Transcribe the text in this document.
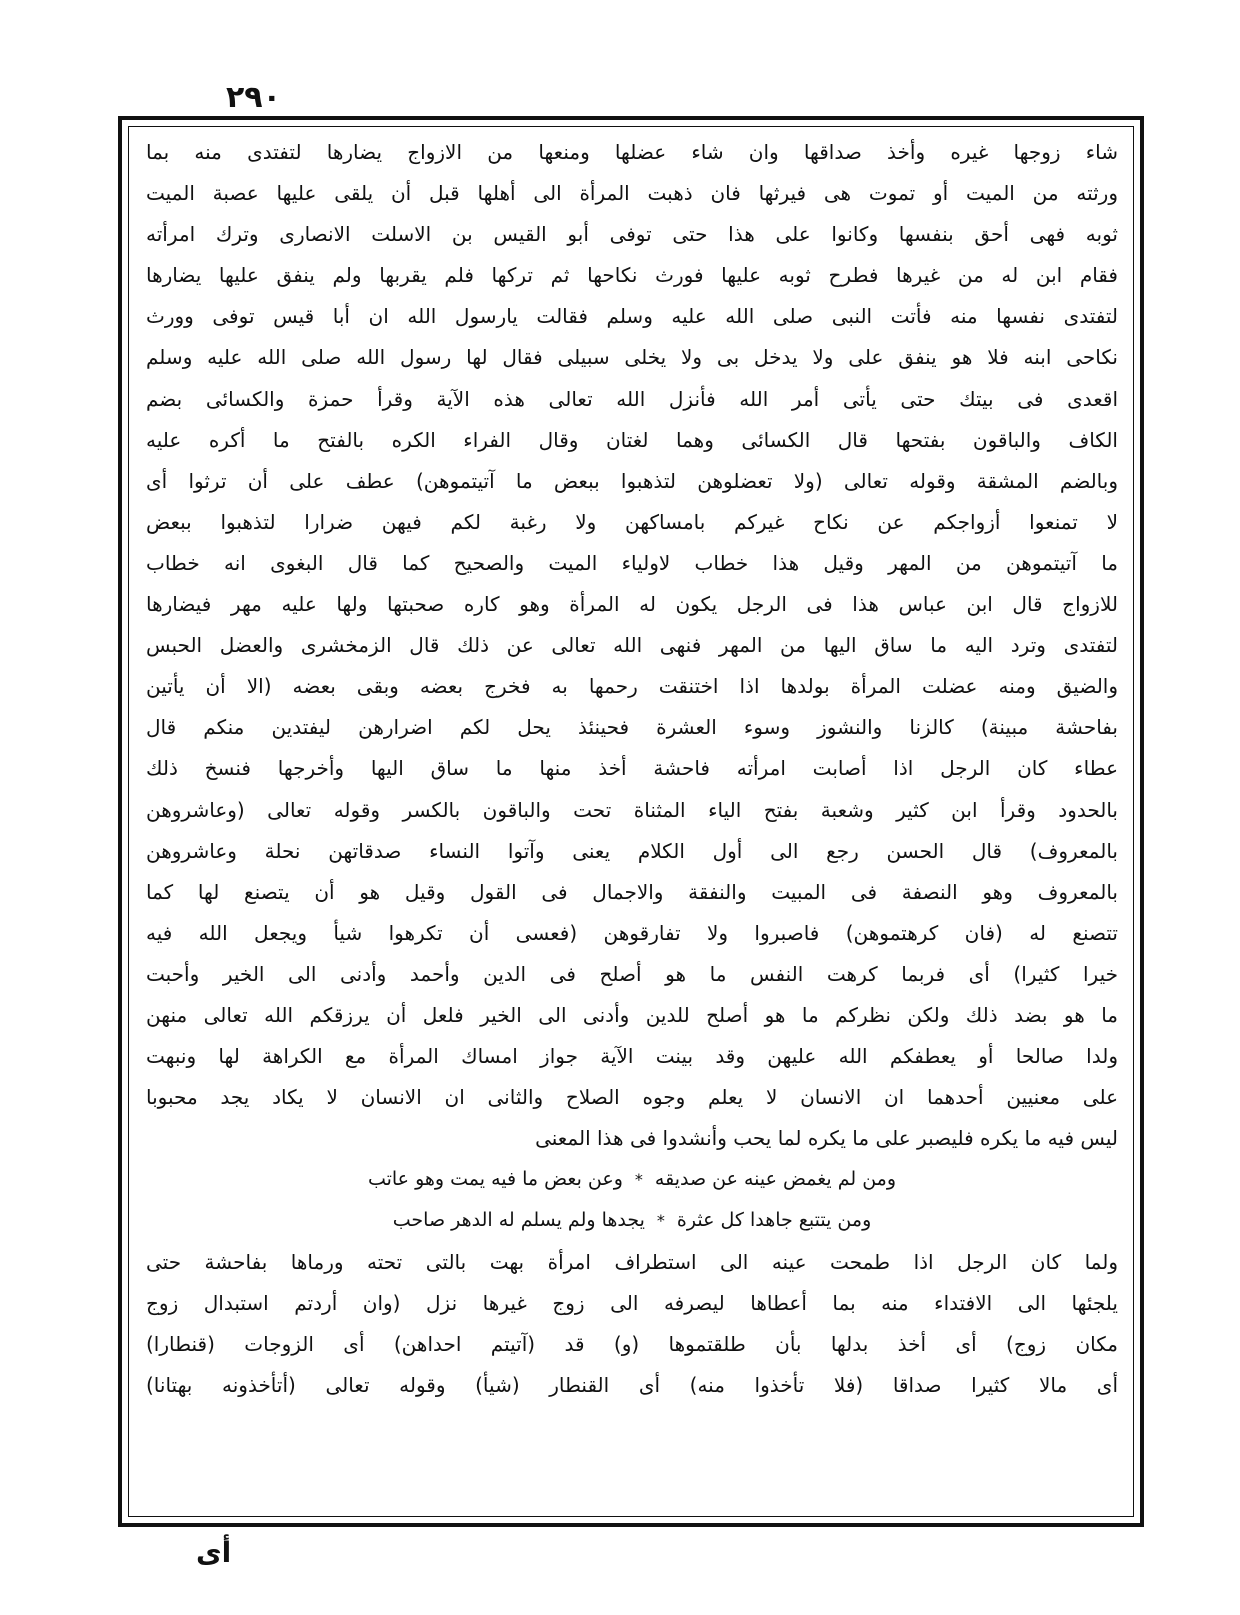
٢٩٠
شاء زوجها غيره وأخذ صداقها وان شاء عضلها ومنعها من الازواج يضارها لتفتدى منه بما
ورثته من الميت أو تموت هى فيرثها فان ذهبت المرأة الى أهلها قبل أن يلقى عليها عصبة الميت
ثوبه فهى أحق بنفسها وكانوا على هذا حتى توفى أبو القيس بن الاسلت الانصارى وترك امرأته
فقام ابن له من غيرها فطرح ثوبه عليها فورث نكاحها ثم تركها فلم يقربها ولم ينفق عليها يضارها
لتفتدى نفسها منه فأتت النبى صلى الله عليه وسلم فقالت يارسول الله ان أبا قيس توفى وورث
نكاحى ابنه فلا هو ينفق على ولا يدخل بى ولا يخلى سبيلى فقال لها رسول الله صلى الله عليه وسلم
اقعدى فى بيتك حتى يأتى أمر الله فأنزل الله تعالى هذه الآية وقرأ حمزة والكسائى بضم
الكاف والباقون بفتحها قال الكسائى وهما لغتان وقال الفراء الكره بالفتح ما أكره عليه
وبالضم المشقة وقوله تعالى (ولا تعضلوهن لتذهبوا ببعض ما آتيتموهن) عطف على أن ترثوا أى
لا تمنعوا أزواجكم عن نكاح غيركم بامساكهن ولا رغبة لكم فيهن ضرارا لتذهبوا ببعض
ما آتيتموهن من المهر وقيل هذا خطاب لاولياء الميت والصحيح كما قال البغوى انه خطاب
للازواج قال ابن عباس هذا فى الرجل يكون له المرأة وهو كاره صحبتها ولها عليه مهر فيضارها
لتفتدى وترد اليه ما ساق اليها من المهر فنهى الله تعالى عن ذلك قال الزمخشرى والعضل الحبس
والضيق ومنه عضلت المرأة بولدها اذا اختنقت رحمها به فخرج بعضه وبقى بعضه (الا أن يأتين
بفاحشة مبينة) كالزنا والنشوز وسوء العشرة فحينئذ يحل لكم اضرارهن ليفتدين منكم قال
عطاء كان الرجل اذا أصابت امرأته فاحشة أخذ منها ما ساق اليها وأخرجها فنسخ ذلك
بالحدود وقرأ ابن كثير وشعبة بفتح الياء المثناة تحت والباقون بالكسر وقوله تعالى (وعاشروهن
بالمعروف) قال الحسن رجع الى أول الكلام يعنى وآتوا النساء صدقاتهن نحلة وعاشروهن
بالمعروف وهو النصفة فى المبيت والنفقة والاجمال فى القول وقيل هو أن يتصنع لها كما
تتصنع له (فان كرهتموهن) فاصبروا ولا تفارقوهن (فعسى أن تكرهوا شيأ ويجعل الله فيه
خيرا كثيرا) أى فربما كرهت النفس ما هو أصلح فى الدين وأحمد وأدنى الى الخير وأحبت
ما هو بضد ذلك ولكن نظركم ما هو أصلح للدين وأدنى الى الخير فلعل أن يرزقكم الله تعالى منهن
ولدا صالحا أو يعطفكم الله عليهن وقد بينت الآية جواز امساك المرأة مع الكراهة لها ونبهت
على معنيين أحدهما ان الانسان لا يعلم وجوه الصلاح والثانى ان الانسان لا يكاد يجد محبوبا
ليس فيه ما يكره فليصبر على ما يكره لما يحب وأنشدوا فى هذا المعنى
ومن لم يغمض عينه عن صديقه
*
وعن بعض ما فيه يمت وهو عاتب
ومن يتتبع جاهدا كل عثرة
*
يجدها ولم يسلم له الدهر صاحب
ولما كان الرجل اذا طمحت عينه الى استطراف امرأة بهت بالتى تحته ورماها بفاحشة حتى
يلجئها الى الافتداء منه بما أعطاها ليصرفه الى زوج غيرها نزل (وان أردتم استبدال زوج
مكان زوج) أى أخذ بدلها بأن طلقتموها (و) قد (آتيتم احداهن) أى الزوجات (قنطارا)
أى مالا كثيرا صداقا (فلا تأخذوا منه) أى القنطار (شيأ) وقوله تعالى (أتأخذونه بهتانا)
أى
